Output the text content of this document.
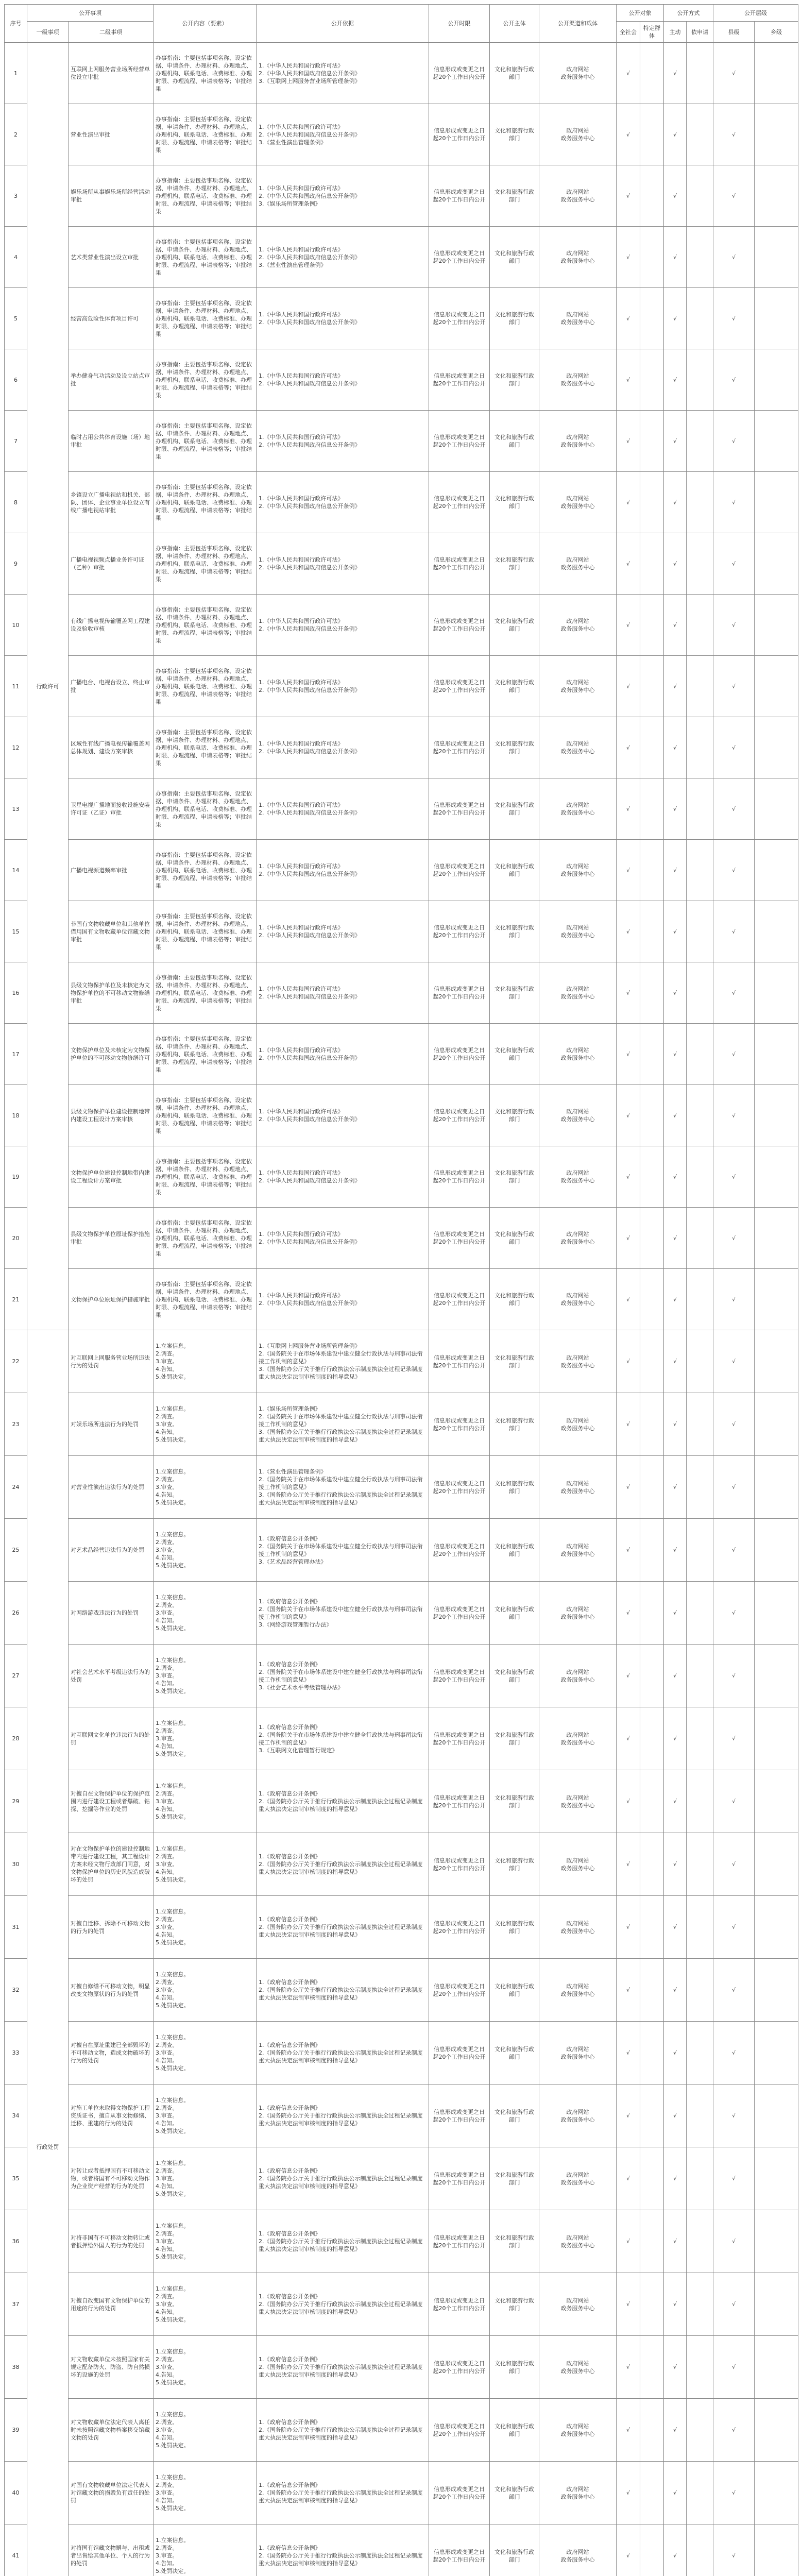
序号	公开事项		公开内容（要素）	公开依据	公开时限	公开主体	公开渠道和载体	公开对象		公开方式		公开层级	
	一级事项	二级事项						全社会	特定群体	主动	依申请	县级	乡级
1	行政许可	互联网上网服务营业场所经营单位设立审批	办事指南：主要包括事项名称、设定依据、申请条件、办理材料、办理地点、办理机构、联系电话、收费标准、办理时限、办理流程、申请表格等；审批结果	1.《中华人民共和国行政许可法》
2.《中华人民共和国政府信息公开条例》
3.《互联网上网服务营业场所管理条例》	信息形成或变更之日起20个工作日内公开	文化和旅游行政部门	政府网站
政务服务中心	√		√		√	
2		营业性演出审批	办事指南：主要包括事项名称、设定依据、申请条件、办理材料、办理地点、办理机构、联系电话、收费标准、办理时限、办理流程、申请表格等；审批结果	1.《中华人民共和国行政许可法》
2.《中华人民共和国政府信息公开条例》
3.《营业性演出管理条例》	信息形成或变更之日起20个工作日内公开	文化和旅游行政部门	政府网站
政务服务中心	√		√		√	
3		娱乐场所从事娱乐场所经营活动审批	办事指南：主要包括事项名称、设定依据、申请条件、办理材料、办理地点、办理机构、联系电话、收费标准、办理时限、办理流程、申请表格等；审批结果	1.《中华人民共和国行政许可法》
2.《中华人民共和国政府信息公开条例》
3.《娱乐场所管理条例》	信息形成或变更之日起20个工作日内公开	文化和旅游行政部门	政府网站
政务服务中心	√		√		√	
4		艺术类营业性演出设立审批	办事指南：主要包括事项名称、设定依据、申请条件、办理材料、办理地点、办理机构、联系电话、收费标准、办理时限、办理流程、申请表格等；审批结果	1.《中华人民共和国行政许可法》
2.《中华人民共和国政府信息公开条例》
3.《营业性演出管理条例》	信息形成或变更之日起20个工作日内公开	文化和旅游行政部门	政府网站
政务服务中心	√		√		√	
5		经营高危险性体育项目许可	办事指南：主要包括事项名称、设定依据、申请条件、办理材料、办理地点、办理机构、联系电话、收费标准、办理时限、办理流程、申请表格等；审批结果	1.《中华人民共和国行政许可法》
2.《中华人民共和国政府信息公开条例》	信息形成或变更之日起20个工作日内公开	文化和旅游行政部门	政府网站
政务服务中心	√		√		√	
6		举办健身气功活动及设立站点审批	办事指南：主要包括事项名称、设定依据、申请条件、办理材料、办理地点、办理机构、联系电话、收费标准、办理时限、办理流程、申请表格等；审批结果	1.《中华人民共和国行政许可法》
2.《中华人民共和国政府信息公开条例》	信息形成或变更之日起20个工作日内公开	文化和旅游行政部门	政府网站
政务服务中心	√		√		√	
7		临时占用公共体育设施（场）地审批	办事指南：主要包括事项名称、设定依据、申请条件、办理材料、办理地点、办理机构、联系电话、收费标准、办理时限、办理流程、申请表格等；审批结果	1.《中华人民共和国行政许可法》
2.《中华人民共和国政府信息公开条例》	信息形成或变更之日起20个工作日内公开	文化和旅游行政部门	政府网站
政务服务中心	√		√		√	
8		乡镇设立广播电视站和机关、部队、团体、企业事业单位设立有线广播电视站审批	办事指南：主要包括事项名称、设定依据、申请条件、办理材料、办理地点、办理机构、联系电话、收费标准、办理时限、办理流程、申请表格等；审批结果	1.《中华人民共和国行政许可法》
2.《中华人民共和国政府信息公开条例》	信息形成或变更之日起20个工作日内公开	文化和旅游行政部门	政府网站
政务服务中心	√		√		√	
9		广播电视视频点播业务许可证（乙种）审批	办事指南：主要包括事项名称、设定依据、申请条件、办理材料、办理地点、办理机构、联系电话、收费标准、办理时限、办理流程、申请表格等；审批结果	1.《中华人民共和国行政许可法》
2.《中华人民共和国政府信息公开条例》	信息形成或变更之日起20个工作日内公开	文化和旅游行政部门	政府网站
政务服务中心	√		√		√	
10		有线广播电视传输覆盖网工程建设及验收审核	办事指南：主要包括事项名称、设定依据、申请条件、办理材料、办理地点、办理机构、联系电话、收费标准、办理时限、办理流程、申请表格等；审批结果	1.《中华人民共和国行政许可法》
2.《中华人民共和国政府信息公开条例》	信息形成或变更之日起20个工作日内公开	文化和旅游行政部门	政府网站
政务服务中心	√		√		√	
11		广播电台、电视台设立、终止审批	办事指南：主要包括事项名称、设定依据、申请条件、办理材料、办理地点、办理机构、联系电话、收费标准、办理时限、办理流程、申请表格等；审批结果	1.《中华人民共和国行政许可法》
2.《中华人民共和国政府信息公开条例》	信息形成或变更之日起20个工作日内公开	文化和旅游行政部门	政府网站
政务服务中心	√		√		√	
12		区域性有线广播电视传输覆盖网总体规划、建设方案审核	办事指南：主要包括事项名称、设定依据、申请条件、办理材料、办理地点、办理机构、联系电话、收费标准、办理时限、办理流程、申请表格等；审批结果	1.《中华人民共和国行政许可法》
2.《中华人民共和国政府信息公开条例》	信息形成或变更之日起20个工作日内公开	文化和旅游行政部门	政府网站
政务服务中心	√		√		√	
13		卫星电视广播地面接收设施安装许可证（乙证）审批	办事指南：主要包括事项名称、设定依据、申请条件、办理材料、办理地点、办理机构、联系电话、收费标准、办理时限、办理流程、申请表格等；审批结果	1.《中华人民共和国行政许可法》
2.《中华人民共和国政府信息公开条例》	信息形成或变更之日起20个工作日内公开	文化和旅游行政部门	政府网站
政务服务中心	√		√		√	
14		广播电视频道频率审批	办事指南：主要包括事项名称、设定依据、申请条件、办理材料、办理地点、办理机构、联系电话、收费标准、办理时限、办理流程、申请表格等；审批结果	1.《中华人民共和国行政许可法》
2.《中华人民共和国政府信息公开条例》	信息形成或变更之日起20个工作日内公开	文化和旅游行政部门	政府网站
政务服务中心	√		√		√	
15		非国有文物收藏单位和其他单位借用国有文物收藏单位馆藏文物审批	办事指南：主要包括事项名称、设定依据、申请条件、办理材料、办理地点、办理机构、联系电话、收费标准、办理时限、办理流程、申请表格等；审批结果	1.《中华人民共和国行政许可法》
2.《中华人民共和国政府信息公开条例》	信息形成或变更之日起20个工作日内公开	文化和旅游行政部门	政府网站
政务服务中心	√		√		√	
16		县级文物保护单位及未核定为文物保护单位的不可移动文物修缮审批	办事指南：主要包括事项名称、设定依据、申请条件、办理材料、办理地点、办理机构、联系电话、收费标准、办理时限、办理流程、申请表格等；审批结果	1.《中华人民共和国行政许可法》
2.《中华人民共和国政府信息公开条例》	信息形成或变更之日起20个工作日内公开	文化和旅游行政部门	政府网站
政务服务中心	√		√		√	
17		文物保护单位及未核定为文物保护单位的不可移动文物修缮许可	办事指南：主要包括事项名称、设定依据、申请条件、办理材料、办理地点、办理机构、联系电话、收费标准、办理时限、办理流程、申请表格等；审批结果	1.《中华人民共和国行政许可法》
2.《中华人民共和国政府信息公开条例》	信息形成或变更之日起20个工作日内公开	文化和旅游行政部门	政府网站
政务服务中心	√		√		√	
18		县级文物保护单位建设控制地带内建设工程设计方案审核	办事指南：主要包括事项名称、设定依据、申请条件、办理材料、办理地点、办理机构、联系电话、收费标准、办理时限、办理流程、申请表格等；审批结果	1.《中华人民共和国行政许可法》
2.《中华人民共和国政府信息公开条例》	信息形成或变更之日起20个工作日内公开	文化和旅游行政部门	政府网站
政务服务中心	√		√		√	
19		文物保护单位建设控制地带内建设工程设计方案审批	办事指南：主要包括事项名称、设定依据、申请条件、办理材料、办理地点、办理机构、联系电话、收费标准、办理时限、办理流程、申请表格等；审批结果	1.《中华人民共和国行政许可法》
2.《中华人民共和国政府信息公开条例》	信息形成或变更之日起20个工作日内公开	文化和旅游行政部门	政府网站
政务服务中心	√		√		√	
20		县级文物保护单位原址保护措施审批	办事指南：主要包括事项名称、设定依据、申请条件、办理材料、办理地点、办理机构、联系电话、收费标准、办理时限、办理流程、申请表格等；审批结果	1.《中华人民共和国行政许可法》
2.《中华人民共和国政府信息公开条例》	信息形成或变更之日起20个工作日内公开	文化和旅游行政部门	政府网站
政务服务中心	√		√		√	
21		文物保护单位原址保护措施审批	办事指南：主要包括事项名称、设定依据、申请条件、办理材料、办理地点、办理机构、联系电话、收费标准、办理时限、办理流程、申请表格等；审批结果	1.《中华人民共和国行政许可法》
2.《中华人民共和国政府信息公开条例》	信息形成或变更之日起20个工作日内公开	文化和旅游行政部门	政府网站
政务服务中心	√		√		√	
22	行政处罚	对互联网上网服务营业场所违法行为的处罚	1.立案信息。
2.调查。
3.审查。
4.告知。
5.处罚决定。	1.《互联网上网服务营业场所管理条例》
2.《国务院关于在市场体系建设中建立健全行政执法与刑事司法衔接工作机制的意见》
3.《国务院办公厅关于推行行政执法公示制度执法全过程记录制度重大执法决定法制审核制度的指导意见》	信息形成或变更之日起20个工作日内公开	文化和旅游行政部门	政府网站
政务服务中心	√		√		√	
23		对娱乐场所违法行为的处罚	1.立案信息。
2.调查。
3.审查。
4.告知。
5.处罚决定。	1.《娱乐场所管理条例》
2.《国务院关于在市场体系建设中建立健全行政执法与刑事司法衔接工作机制的意见》
3.《国务院办公厅关于推行行政执法公示制度执法全过程记录制度重大执法决定法制审核制度的指导意见》	信息形成或变更之日起20个工作日内公开	文化和旅游行政部门	政府网站
政务服务中心	√		√		√	
24		对营业性演出违法行为的处罚	1.立案信息。
2.调查。
3.审查。
4.告知。
5.处罚决定。	1.《营业性演出管理条例》
2.《国务院关于在市场体系建设中建立健全行政执法与刑事司法衔接工作机制的意见》
3.《国务院办公厅关于推行行政执法公示制度执法全过程记录制度重大执法决定法制审核制度的指导意见》	信息形成或变更之日起20个工作日内公开	文化和旅游行政部门	政府网站
政务服务中心	√		√		√	
25		对艺术品经营违法行为的处罚	1.立案信息。
2.调查。
3.审查。
4.告知。
5.处罚决定。	1.《政府信息公开条例》
2.《国务院关于在市场体系建设中建立健全行政执法与刑事司法衔接工作机制的意见》
3.《艺术品经营管理办法》	信息形成或变更之日起20个工作日内公开	文化和旅游行政部门	政府网站
政务服务中心	√		√		√	
26		对网络游戏违法行为的处罚	1.立案信息。
2.调查。
3.审查。
4.告知。
5.处罚决定。	1.《政府信息公开条例》
2.《国务院关于在市场体系建设中建立健全行政执法与刑事司法衔接工作机制的意见》
3.《网络游戏管理暂行办法》	信息形成或变更之日起20个工作日内公开	文化和旅游行政部门	政府网站
政务服务中心	√		√		√	
27		对社会艺术水平考级违法行为的处罚	1.立案信息。
2.调查。
3.审查。
4.告知。
5.处罚决定。	1.《政府信息公开条例》
2.《国务院关于在市场体系建设中建立健全行政执法与刑事司法衔接工作机制的意见》
3.《社会艺术水平考级管理办法》	信息形成或变更之日起20个工作日内公开	文化和旅游行政部门	政府网站
政务服务中心	√		√		√	
28		对互联网文化单位违法行为的处罚	1.立案信息。
2.调查。
3.审查。
4.告知。
5.处罚决定。	1.《政府信息公开条例》
2.《国务院关于在市场体系建设中建立健全行政执法与刑事司法衔接工作机制的意见》
3.《互联网文化管理暂行规定》	信息形成或变更之日起20个工作日内公开	文化和旅游行政部门	政府网站
政务服务中心	√		√		√	
29		对擅自在文物保护单位的保护范围内进行建设工程或者爆破、钻探、挖掘等作业的处罚	1.立案信息。
2.调查。
3.审查。
4.告知。
5.处罚决定。	1.《政府信息公开条例》
2.《国务院办公厅关于推行行政执法公示制度执法全过程记录制度重大执法决定法制审核制度的指导意见》	信息形成或变更之日起20个工作日内公开	文化和旅游行政部门	政府网站
政务服务中心	√		√		√	
30		对在文物保护单位的建设控制地带内进行建设工程，其工程设计方案未经文物行政部门同意，对文物保护单位的历史风貌造成破坏的处罚	1.立案信息。
2.调查。
3.审查。
4.告知。
5.处罚决定。	1.《政府信息公开条例》
2.《国务院办公厅关于推行行政执法公示制度执法全过程记录制度重大执法决定法制审核制度的指导意见》	信息形成或变更之日起20个工作日内公开	文化和旅游行政部门	政府网站
政务服务中心	√		√		√	
31		对擅自迁移、拆除不可移动文物的行为的处罚	1.立案信息。
2.调查。
3.审查。
4.告知。
5.处罚决定。	1.《政府信息公开条例》
2.《国务院办公厅关于推行行政执法公示制度执法全过程记录制度重大执法决定法制审核制度的指导意见》	信息形成或变更之日起20个工作日内公开	文化和旅游行政部门	政府网站
政务服务中心	√		√		√	
32		对擅自修缮不可移动文物，明显改变文物原状的行为的处罚	1.立案信息。
2.调查。
3.审查。
4.告知。
5.处罚决定。	1.《政府信息公开条例》
2.《国务院办公厅关于推行行政执法公示制度执法全过程记录制度重大执法决定法制审核制度的指导意见》	信息形成或变更之日起20个工作日内公开	文化和旅游行政部门	政府网站
政务服务中心	√		√		√	
33		对擅自在原址重建已全部毁坏的不可移动文物，造成文物破坏的行为的处罚	1.立案信息。
2.调查。
3.审查。
4.告知。
5.处罚决定。	1.《政府信息公开条例》
2.《国务院办公厅关于推行行政执法公示制度执法全过程记录制度重大执法决定法制审核制度的指导意见》	信息形成或变更之日起20个工作日内公开	文化和旅游行政部门	政府网站
政务服务中心	√		√		√	
34		对施工单位未取得文物保护工程资质证书，擅自从事文物修缮、迁移、重建的行为的处罚	1.立案信息。
2.调查。
3.审查。
4.告知。
5.处罚决定。	1.《政府信息公开条例》
2.《国务院办公厅关于推行行政执法公示制度执法全过程记录制度重大执法决定法制审核制度的指导意见》	信息形成或变更之日起20个工作日内公开	文化和旅游行政部门	政府网站
政务服务中心	√		√		√	
35		对转让或者抵押国有不可移动文物，或者将国有不可移动文物作为企业资产经营的行为的处罚	1.立案信息。
2.调查。
3.审查。
4.告知。
5.处罚决定。	1.《政府信息公开条例》
2.《国务院办公厅关于推行行政执法公示制度执法全过程记录制度重大执法决定法制审核制度的指导意见》	信息形成或变更之日起20个工作日内公开	文化和旅游行政部门	政府网站
政务服务中心	√		√		√	
36		对将非国有不可移动文物转让或者抵押给外国人的行为的处罚	1.立案信息。
2.调查。
3.审查。
4.告知。
5.处罚决定。	1.《政府信息公开条例》
2.《国务院办公厅关于推行行政执法公示制度执法全过程记录制度重大执法决定法制审核制度的指导意见》	信息形成或变更之日起20个工作日内公开	文化和旅游行政部门	政府网站
政务服务中心	√		√		√	
37		对擅自改变国有文物保护单位的用途的行为的处罚	1.立案信息。
2.调查。
3.审查。
4.告知。
5.处罚决定。	1.《政府信息公开条例》
2.《国务院办公厅关于推行行政执法公示制度执法全过程记录制度重大执法决定法制审核制度的指导意见》	信息形成或变更之日起20个工作日内公开	文化和旅游行政部门	政府网站
政务服务中心	√		√		√	
38		对文物收藏单位未按照国家有关规定配备防火、防盗、防自然损坏的设施的处罚	1.立案信息。
2.调查。
3.审查。
4.告知。
5.处罚决定。	1.《政府信息公开条例》
2.《国务院办公厅关于推行行政执法公示制度执法全过程记录制度重大执法决定法制审核制度的指导意见》	信息形成或变更之日起20个工作日内公开	文化和旅游行政部门	政府网站
政务服务中心	√		√		√	
39		对文物收藏单位法定代表人离任时未按照馆藏文物档案移交馆藏文物的处罚	1.立案信息。
2.调查。
3.审查。
4.告知。
5.处罚决定。	1.《政府信息公开条例》
2.《国务院办公厅关于推行行政执法公示制度执法全过程记录制度重大执法决定法制审核制度的指导意见》	信息形成或变更之日起20个工作日内公开	文化和旅游行政部门	政府网站
政务服务中心	√		√		√	
40		对国有文物收藏单位法定代表人对馆藏文物的损毁负有责任的处罚	1.立案信息。
2.调查。
3.审查。
4.告知。
5.处罚决定。	1.《政府信息公开条例》
2.《国务院办公厅关于推行行政执法公示制度执法全过程记录制度重大执法决定法制审核制度的指导意见》	信息形成或变更之日起20个工作日内公开	文化和旅游行政部门	政府网站
政务服务中心	√		√		√	
41		对将国有馆藏文物赠与、出租或者出售给其他单位、个人的行为的处罚	1.立案信息。
2.调查。
3.审查。
4.告知。
5.处罚决定。	1.《政府信息公开条例》
2.《国务院办公厅关于推行行政执法公示制度执法全过程记录制度重大执法决定法制审核制度的指导意见》	信息形成或变更之日起20个工作日内公开	文化和旅游行政部门	政府网站
政务服务中心	√		√		√	
